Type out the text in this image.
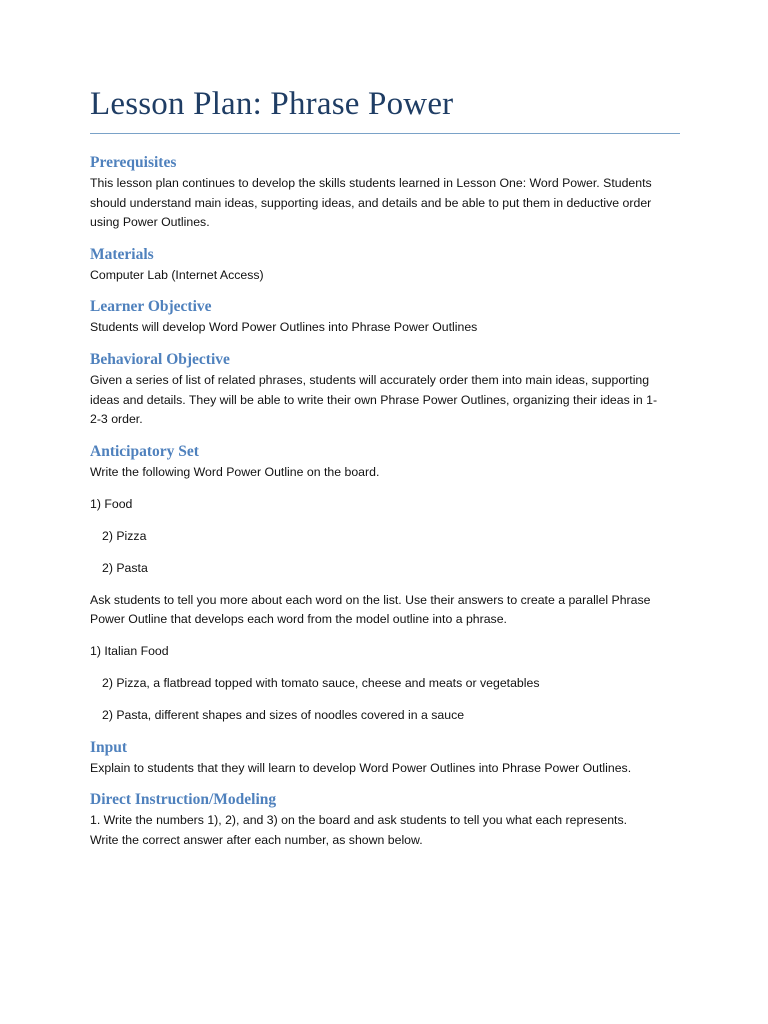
Lesson Plan: Phrase Power
Prerequisites

This lesson plan continues to develop the skills students learned in Lesson One: Word Power. Students

should understand main ideas, supporting ideas, and details and be able to put them in deductive order

using Power Outlines.

Materials

Computer Lab (Internet Access)

Learner Objective

Students will develop Word Power Outlines into Phrase Power Outlines

Behavioral Objective

Given a series of list of related phrases, students will accurately order them into main ideas, supporting

ideas and details. They will be able to write their own Phrase Power Outlines, organizing their ideas in 1-

2-3 order.

Anticipatory Set

Write the following Word Power Outline on the board.

1) Food

2) Pizza

2) Pasta

Ask students to tell you more about each word on the list. Use their answers to create a parallel Phrase

Power Outline that develops each word from the model outline into a phrase.

1) Italian Food

2) Pizza, a flatbread topped with tomato sauce, cheese and meats or vegetables

2) Pasta, different shapes and sizes of noodles covered in a sauce

Input

Explain to students that they will learn to develop Word Power Outlines into Phrase Power Outlines.

Direct Instruction/Modeling

1. Write the numbers 1), 2), and 3) on the board and ask students to tell you what each represents.

Write the correct answer after each number, as shown below.
